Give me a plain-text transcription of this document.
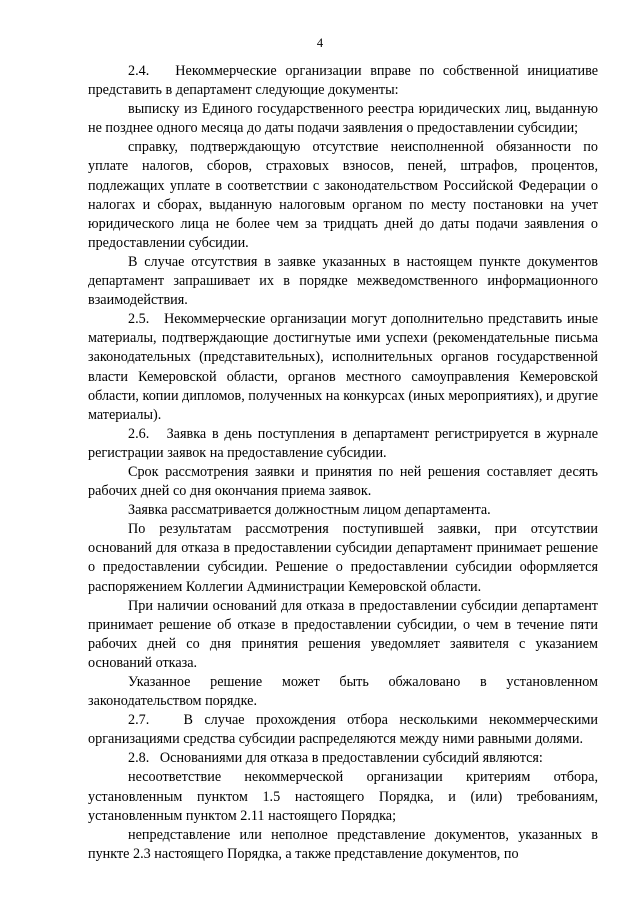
4

2.4.   Некоммерческие организации вправе по собственной инициативе представить в департамент следующие документы:

выписку из Единого государственного реестра юридических лиц, выданную не позднее одного месяца до даты подачи заявления о предоставлении субсидии;

справку, подтверждающую отсутствие неисполненной обязанности по уплате налогов, сборов, страховых взносов, пеней, штрафов, процентов, подлежащих уплате в соответствии с законодательством Российской Федерации о налогах и сборах, выданную налоговым органом по месту постановки на учет юридического лица не более чем за тридцать дней до даты подачи заявления о предоставлении субсидии.

В случае отсутствия в заявке указанных в настоящем пункте документов департамент запрашивает их в порядке межведомственного информационного взаимодействия.

2.5.   Некоммерческие организации могут дополнительно представить иные материалы, подтверждающие достигнутые ими успехи (рекомендательные письма законодательных (представительных), исполнительных органов государственной власти Кемеровской области, органов местного самоуправления Кемеровской области, копии дипломов, полученных на конкурсах (иных мероприятиях), и другие материалы).

2.6.   Заявка в день поступления в департамент регистрируется в журнале регистрации заявок на предоставление субсидии.

Срок рассмотрения заявки и принятия по ней решения составляет десять рабочих дней со дня окончания приема заявок.

Заявка рассматривается должностным лицом департамента.

По результатам рассмотрения поступившей заявки, при отсутствии оснований для отказа в предоставлении субсидии департамент принимает решение о предоставлении субсидии. Решение о предоставлении субсидии оформляется распоряжением Коллегии Администрации Кемеровской области.

При наличии оснований для отказа в предоставлении субсидии департамент принимает решение об отказе в предоставлении субсидии, о чем в течение пяти рабочих дней со дня принятия решения уведомляет заявителя с указанием оснований отказа.

Указанное решение может быть обжаловано в установленном законодательством порядке.

2.7.   В случае прохождения отбора несколькими некоммерческими организациями средства субсидии распределяются между ними равными долями.

2.8.   Основаниями для отказа в предоставлении субсидий являются:

несоответствие некоммерческой организации критериям отбора, установленным пунктом 1.5 настоящего Порядка, и (или) требованиям, установленным пунктом 2.11 настоящего Порядка;

непредставление или неполное представление документов, указанных в пункте 2.3 настоящего Порядка, а также представление документов, по
